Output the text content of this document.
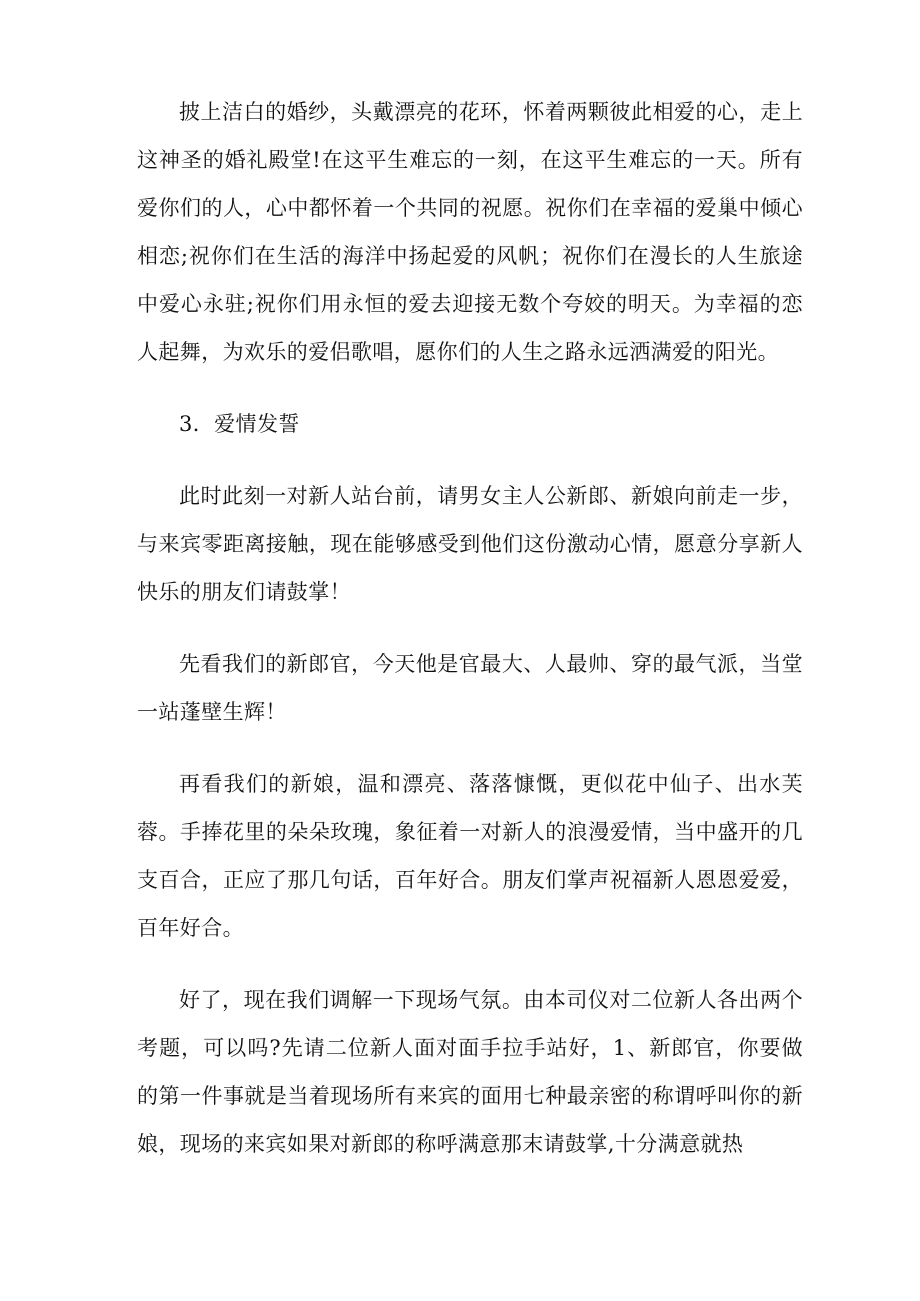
披上洁白的婚纱，头戴漂亮的花环，怀着两颗彼此相爱的心，走上这神圣的婚礼殿堂!在这平生难忘的一刻，在这平生难忘的一天。所有爱你们的人，心中都怀着一个共同的祝愿。祝你们在幸福的爱巢中倾心相恋;祝你们在生活的海洋中扬起爱的风帆；祝你们在漫长的人生旅途中爱心永驻;祝你们用永恒的爱去迎接无数个夸姣的明天。为幸福的恋人起舞，为欢乐的爱侣歌唱，愿你们的人生之路永远洒满爱的阳光。

3．爱情发誓

此时此刻一对新人站台前，请男女主人公新郎、新娘向前走一步，与来宾零距离接触，现在能够感受到他们这份激动心情，愿意分享新人快乐的朋友们请鼓掌！

先看我们的新郎官，今天他是官最大、人最帅、穿的最气派，当堂一站蓬壁生辉！

再看我们的新娘，温和漂亮、落落慷慨，更似花中仙子、出水芙蓉。手捧花里的朵朵玫瑰，象征着一对新人的浪漫爱情，当中盛开的几支百合，正应了那几句话，百年好合。朋友们掌声祝福新人恩恩爱爱，百年好合。

好了，现在我们调解一下现场气氛。由本司仪对二位新人各出两个考题，可以吗?先请二位新人面对面手拉手站好，1、新郎官，你要做的第一件事就是当着现场所有来宾的面用七种最亲密的称谓呼叫你的新娘，现场的来宾如果对新郎的称呼满意那末请鼓掌,十分满意就热
